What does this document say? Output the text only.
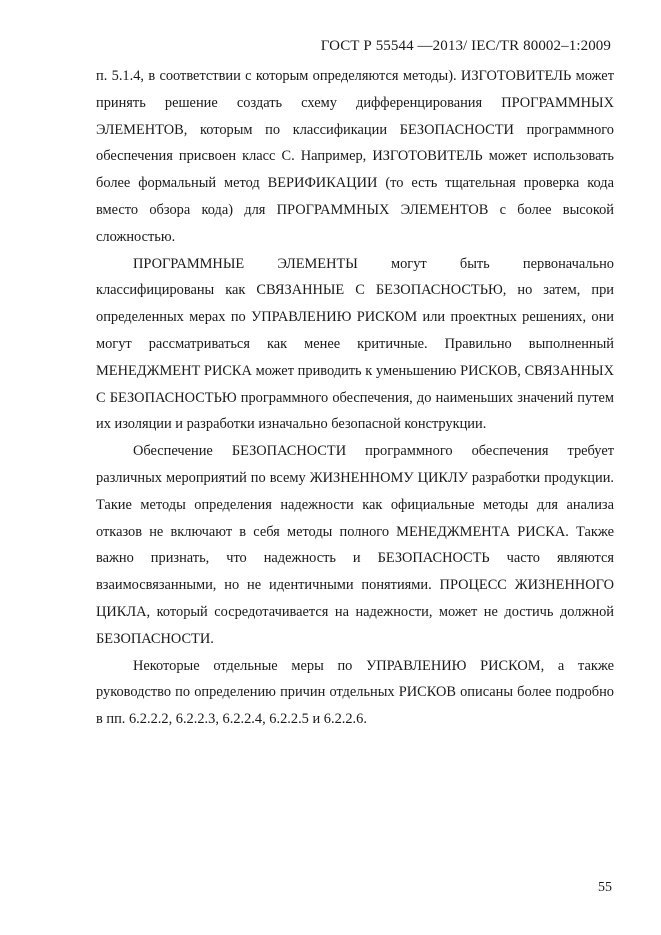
ГОСТ Р 55544 —2013/ IEC/TR 80002–1:2009

п. 5.1.4, в соответствии с которым определяются методы). ИЗГОТОВИТЕЛЬ может принять решение создать схему дифференцирования ПРОГРАММНЫХ ЭЛЕМЕНТОВ, которым по классификации БЕЗОПАСНОСТИ программного обеспечения присвоен класс С. Например, ИЗГОТОВИТЕЛЬ может использовать более формальный метод ВЕРИФИКАЦИИ (то есть тщательная проверка кода вместо обзора кода) для ПРОГРАММНЫХ ЭЛЕМЕНТОВ с более высокой сложностью.

ПРОГРАММНЫЕ ЭЛЕМЕНТЫ могут быть первоначально классифицированы как СВЯЗАННЫЕ С БЕЗОПАСНОСТЬЮ, но затем, при определенных мерах по УПРАВЛЕНИЮ РИСКОМ или проектных решениях, они могут рассматриваться как менее критичные. Правильно выполненный МЕНЕДЖМЕНТ РИСКА может приводить к уменьшению РИСКОВ, СВЯЗАННЫХ С БЕЗОПАСНОСТЬЮ программного обеспечения, до наименьших значений путем их изоляции и разработки изначально безопасной конструкции.

Обеспечение БЕЗОПАСНОСТИ программного обеспечения требует различных мероприятий по всему ЖИЗНЕННОМУ ЦИКЛУ разработки продукции. Такие методы определения надежности как официальные методы для анализа отказов не включают в себя методы полного МЕНЕДЖМЕНТА РИСКА. Также важно признать, что надежность и БЕЗОПАСНОСТЬ часто являются взаимосвязанными, но не идентичными понятиями. ПРОЦЕСС ЖИЗНЕННОГО ЦИКЛА, который сосредотачивается на надежности, может не достичь должной БЕЗОПАСНОСТИ.

Некоторые отдельные меры по УПРАВЛЕНИЮ РИСКОМ, а также руководство по определению причин отдельных РИСКОВ описаны более подробно в пп. 6.2.2.2, 6.2.2.3, 6.2.2.4, 6.2.2.5 и 6.2.2.6.

55
